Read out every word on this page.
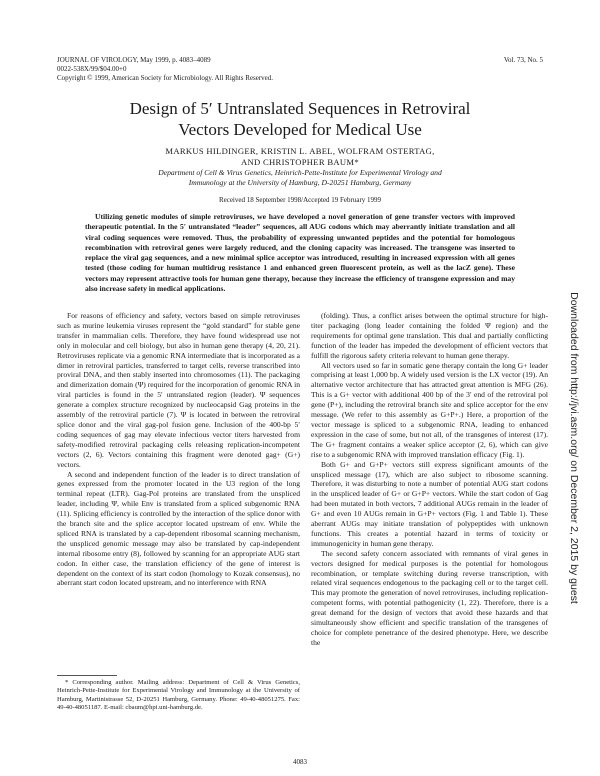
JOURNAL OF VIROLOGY, May 1999, p. 4083–4089
0022-538X/99/$04.00+0
Copyright © 1999, American Society for Microbiology. All Rights Reserved.
Vol. 73, No. 5
Design of 5′ Untranslated Sequences in Retroviral
Vectors Developed for Medical Use
MARKUS HILDINGER, KRISTIN L. ABEL, WOLFRAM OSTERTAG,
AND CHRISTOPHER BAUM*
Department of Cell & Virus Genetics, Heinrich-Pette-Institute for Experimental Virology and
Immunology at the University of Hamburg, D-20251 Hamburg, Germany
Received 18 September 1998/Accepted 19 February 1999
Utilizing genetic modules of simple retroviruses, we have developed a novel generation of gene transfer vectors with improved therapeutic potential. In the 5′ untranslated “leader” sequences, all AUG codons which may aberrantly initiate translation and all viral coding sequences were removed. Thus, the probability of expressing unwanted peptides and the potential for homologous recombination with retroviral genes were largely reduced, and the cloning capacity was increased. The transgene was inserted to replace the viral gag sequences, and a new minimal splice acceptor was introduced, resulting in increased expression with all genes tested (those coding for human multidrug resistance 1 and enhanced green fluorescent protein, as well as the lacZ gene). These vectors may represent attractive tools for human gene therapy, because they increase the efficiency of transgene expression and may also increase safety in medical applications.

For reasons of efficiency and safety, vectors based on simple retroviruses such as murine leukemia viruses represent the “gold standard” for stable gene transfer in mammalian cells. Therefore, they have found widespread use not only in molecular and cell biology, but also in human gene therapy (4, 20, 21). Retroviruses replicate via a genomic RNA intermediate that is incorporated as a dimer in retroviral particles, transferred to target cells, reverse transcribed into proviral DNA, and then stably inserted into chromosomes (11). The packaging and dimerization domain (Ψ) required for the incorporation of genomic RNA in viral particles is found in the 5′ untranslated region (leader). Ψ sequences generate a complex structure recognized by nucleocapsid Gag proteins in the assembly of the retroviral particle (7). Ψ is located in between the retroviral splice donor and the viral gag-pol fusion gene. Inclusion of the 400-bp 5′ coding sequences of gag may elevate infectious vector titers harvested from safety-modified retroviral packaging cells releasing replication-incompetent vectors (2, 6). Vectors containing this fragment were denoted gag+ (G+) vectors.

A second and independent function of the leader is to direct translation of genes expressed from the promoter located in the U3 region of the long terminal repeat (LTR). Gag-Pol proteins are translated from the unspliced leader, including Ψ, while Env is translated from a spliced subgenomic RNA (11). Splicing efficiency is controlled by the interaction of the splice donor with the branch site and the splice acceptor located upstream of env. While the spliced RNA is translated by a cap-dependent ribosomal scanning mechanism, the unspliced genomic message may also be translated by cap-independent internal ribosome entry (8), followed by scanning for an appropriate AUG start codon. In either case, the translation efficiency of the gene of interest is dependent on the context of its start codon (homology to Kozak consensus), no aberrant start codon located upstream, and no interference with RNA

(folding). Thus, a conflict arises between the optimal structure for high-titer packaging (long leader containing the folded Ψ region) and the requirements for optimal gene translation. This dual and partially conflicting function of the leader has impeded the development of efficient vectors that fulfill the rigorous safety criteria relevant to human gene therapy.

All vectors used so far in somatic gene therapy contain the long G+ leader comprising at least 1,000 bp. A widely used version is the LX vector (19). An alternative vector architecture that has attracted great attention is MFG (26). This is a G+ vector with additional 400 bp of the 3′ end of the retroviral pol gene (P+), including the retroviral branch site and splice acceptor for the env message. (We refer to this assembly as G+P+.) Here, a proportion of the vector message is spliced to a subgenomic RNA, leading to enhanced expression in the case of some, but not all, of the transgenes of interest (17). The G+ fragment contains a weaker splice acceptor (2, 6), which can give rise to a subgenomic RNA with improved translation efficacy (Fig. 1).

Both G+ and G+P+ vectors still express significant amounts of the unspliced message (17), which are also subject to ribosome scanning. Therefore, it was disturbing to note a number of potential AUG start codons in the unspliced leader of G+ or G+P+ vectors. While the start codon of Gag had been mutated in both vectors, 7 additional AUGs remain in the leader of G+ and even 10 AUGs remain in G+P+ vectors (Fig. 1 and Table 1). These aberrant AUGs may initiate translation of polypeptides with unknown functions. This creates a potential hazard in terms of toxicity or immunogenicity in human gene therapy.

The second safety concern associated with remnants of viral genes in vectors designed for medical purposes is the potential for homologous recombination, or template switching during reverse transcription, with related viral sequences endogenous to the packaging cell or to the target cell. This may promote the generation of novel retroviruses, including replication-competent forms, with potential pathogenicity (1, 22). Therefore, there is a great demand for the design of vectors that avoid these hazards and that simultaneously show efficient and specific translation of the transgenes of choice for complete penetrance of the desired phenotype. Here, we describe the

* Corresponding author. Mailing address: Department of Cell & Virus Genetics, Heinrich-Pette-Institute for Experimental Virology and Immunology at the University of Hamburg, Martinistrasse 52, D-20251 Hamburg, Germany. Phone: 49-40-48051275. Fax: 49-40-48051187. E-mail: cbaum@hpi.uni-hamburg.de.
4083
Downloaded from http://jvi.asm.org/ on December 2, 2015 by guest
